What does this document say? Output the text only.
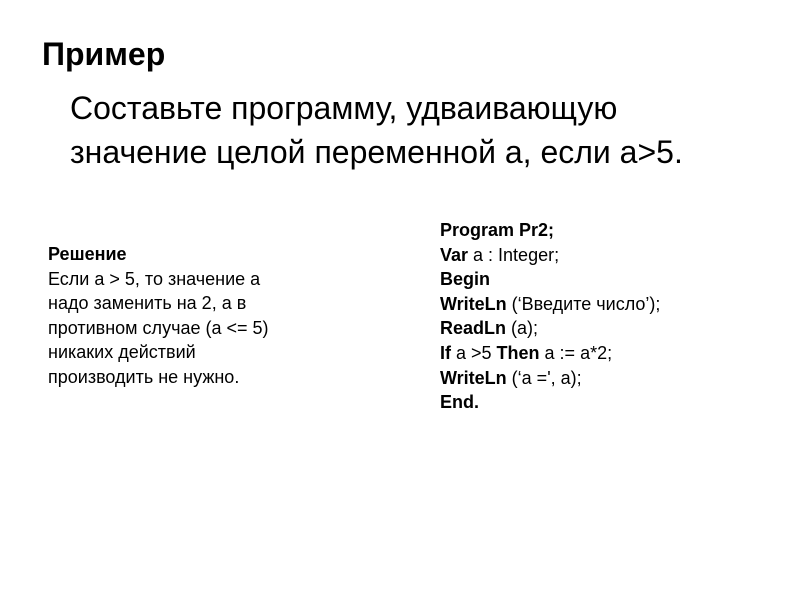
Пример
Составьте программу, удваивающую
значение целой переменной а, если а>5.
Решение
Если а > 5, то значение а
надо заменить на 2, а в
противном случае (а <= 5)
никаких действий
производить не нужно.
Program Pr2;
Var a : Integer;
Begin
WriteLn (‘Введите число’);
ReadLn (a);
If a >5 Then a := a*2;
WriteLn (‘a =', a);
End.
